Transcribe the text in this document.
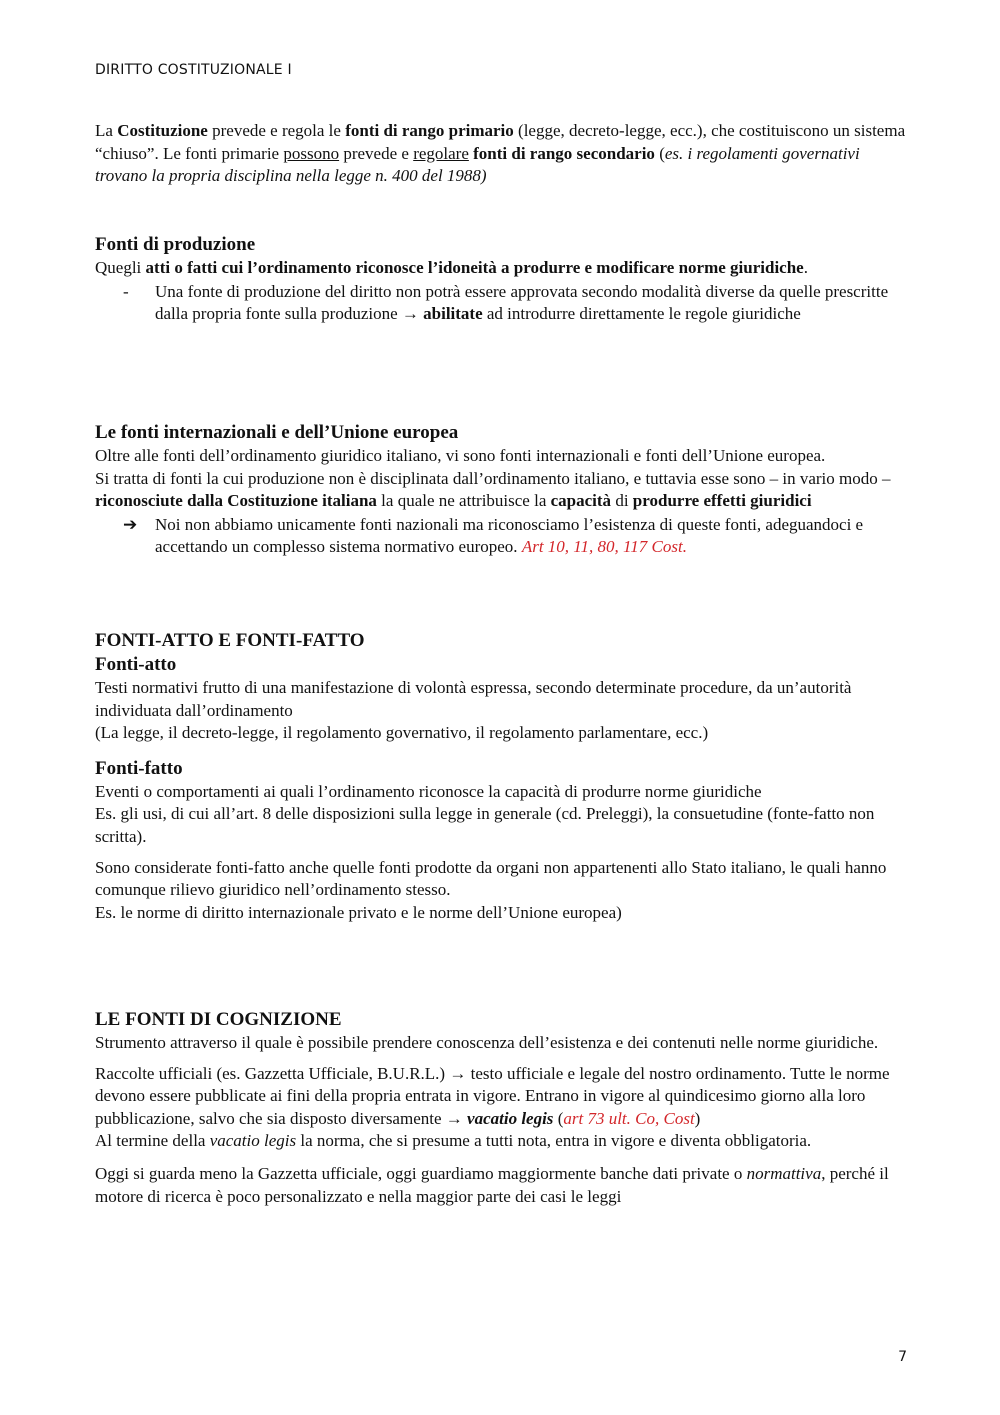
DIRITTO COSTITUZIONALE I

La Costituzione prevede e regola le fonti di rango primario (legge, decreto-legge, ecc.), che costituiscono un sistema “chiuso”. Le fonti primarie possono prevede e regolare fonti di rango secondario (es. i regolamenti governativi trovano la propria disciplina nella legge n. 400 del 1988)

Fonti di produzione

Quegli atti o fatti cui l’ordinamento riconosce l’idoneità a produrre e modificare norme giuridiche.

-	Una fonte di produzione del diritto non potrà essere approvata secondo modalità diverse da quelle prescritte dalla propria fonte sulla produzione → abilitate ad introdurre direttamente le regole giuridiche
Le fonti internazionali e dell’Unione europea

Oltre alle fonti dell’ordinamento giuridico italiano, vi sono fonti internazionali e fonti dell’Unione europea.

Si tratta di fonti la cui produzione non è disciplinata dall’ordinamento italiano, e tuttavia esse sono – in vario modo – riconosciute dalla Costituzione italiana la quale ne attribuisce la capacità di produrre effetti giuridici

➔	Noi non abbiamo unicamente fonti nazionali ma riconosciamo l’esistenza di queste fonti, adeguandoci e accettando un complesso sistema normativo europeo. Art 10, 11, 80, 117 Cost.
FONTI-ATTO E FONTI-FATTO
Fonti-atto

Testi normativi frutto di una manifestazione di volontà espressa, secondo determinate procedure, da un’autorità individuata dall’ordinamento

(La legge, il decreto-legge, il regolamento governativo, il regolamento parlamentare, ecc.)

Fonti-fatto

Eventi o comportamenti ai quali l’ordinamento riconosce la capacità di produrre norme giuridiche

Es. gli usi, di cui all’art. 8 delle disposizioni sulla legge in generale (cd. Preleggi), la consuetudine (fonte-fatto non scritta).

Sono considerate fonti-fatto anche quelle fonti prodotte da organi non appartenenti allo Stato italiano, le quali hanno comunque rilievo giuridico nell’ordinamento stesso.

Es. le norme di diritto internazionale privato e le norme dell’Unione europea)

LE FONTI DI COGNIZIONE

Strumento attraverso il quale è possibile prendere conoscenza dell’esistenza e dei contenuti nelle norme giuridiche.

Raccolte ufficiali (es. Gazzetta Ufficiale, B.U.R.L.) → testo ufficiale e legale del nostro ordinamento. Tutte le norme devono essere pubblicate ai fini della propria entrata in vigore. Entrano in vigore al quindicesimo giorno alla loro pubblicazione, salvo che sia disposto diversamente → vacatio legis (art 73 ult. Co, Cost)

Al termine della vacatio legis la norma, che si presume a tutti nota, entra in vigore e diventa obbligatoria.

Oggi si guarda meno la Gazzetta ufficiale, oggi guardiamo maggiormente banche dati private o normattiva, perché il motore di ricerca è poco personalizzato e nella maggior parte dei casi le leggi

7
